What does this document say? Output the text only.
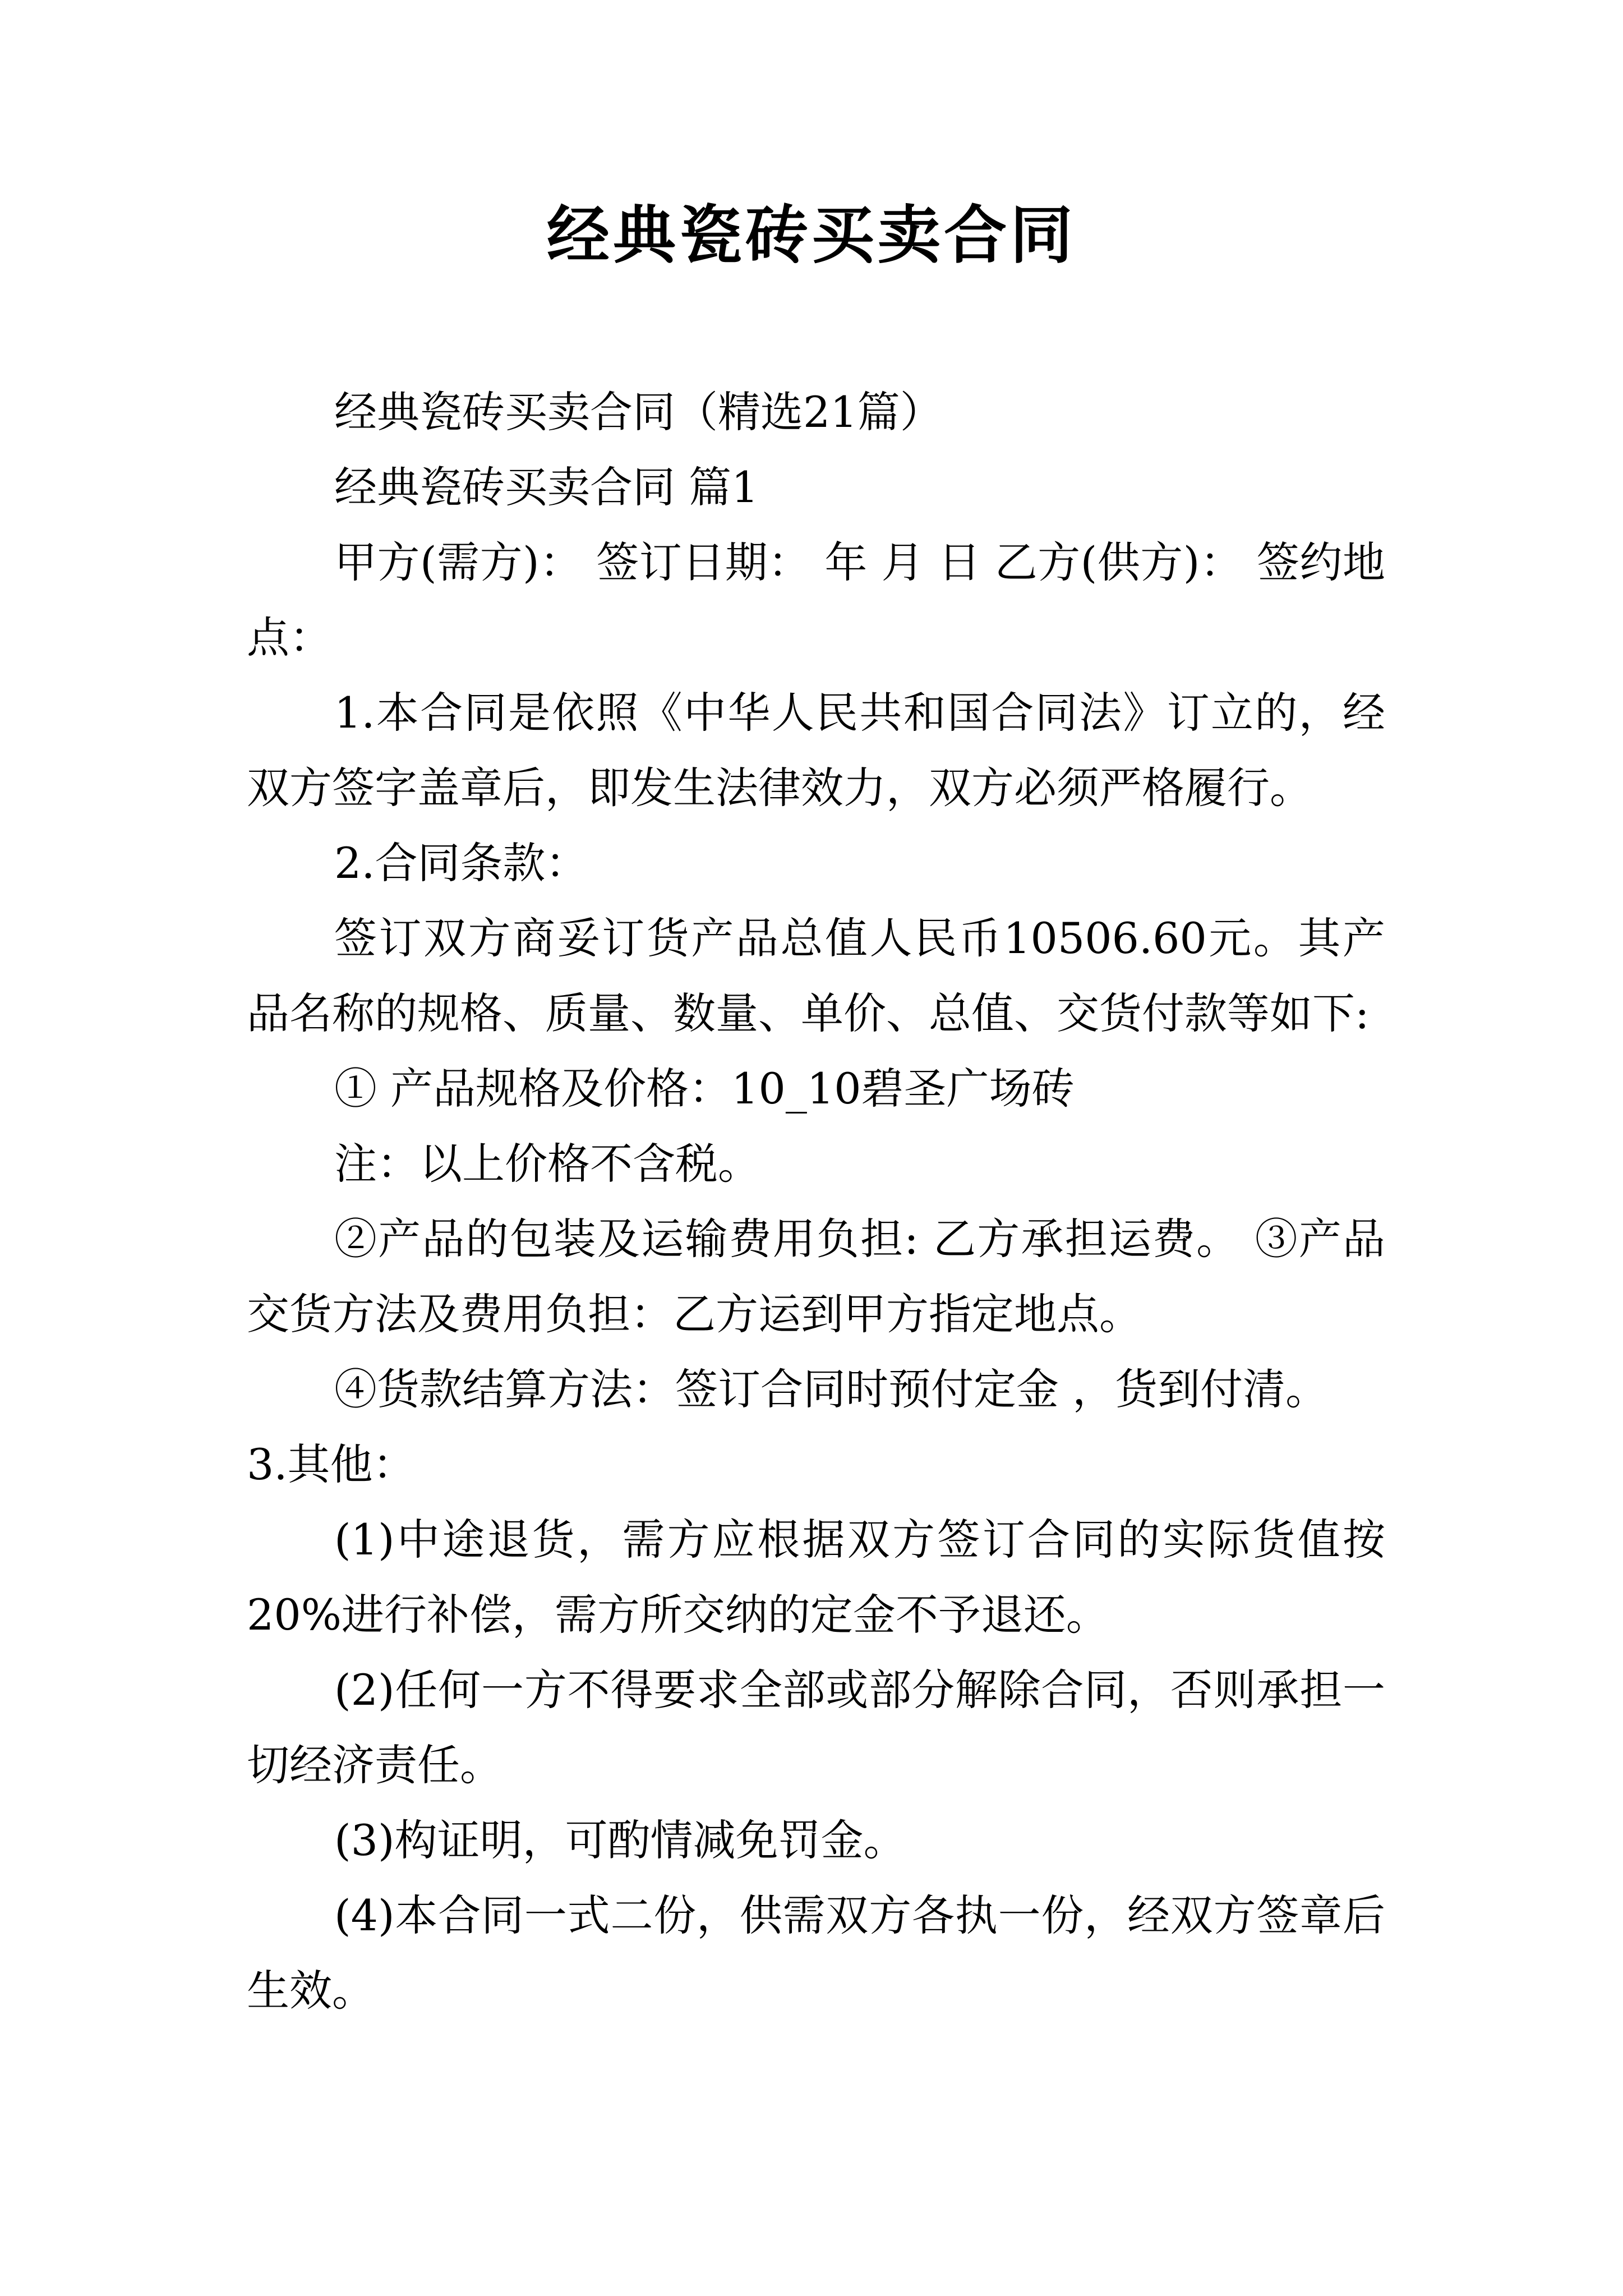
经典瓷砖买卖合同

经典瓷砖买卖合同（精选21篇）

经典瓷砖买卖合同 篇1

甲方(需方)： 签订日期： 年 月 日 乙方(供方)： 签约地点：

1.本合同是依照《中华人民共和国合同法》订立的，经双方签字盖章后，即发生法律效力，双方必须严格履行。

2.合同条款：

签订双方商妥订货产品总值人民币10506.60元。其产品名称的规格、质量、数量、单价、总值、交货付款等如下:

① 产品规格及价格：10_10碧圣广场砖

注：以上价格不含税。

②产品的包装及运输费用负担: 乙方承担运费。 ③产品交货方法及费用负担：乙方运到甲方指定地点。

④货款结算方法：签订合同时预付定金 ，货到付清。

3.其他：

(1)中途退货，需方应根据双方签订合同的实际货值按20%进行补偿，需方所交纳的定金不予退还。

(2)任何一方不得要求全部或部分解除合同，否则承担一切经济责任。

(3)构证明，可酌情减免罚金。

(4)本合同一式二份，供需双方各执一份，经双方签章后生效。
